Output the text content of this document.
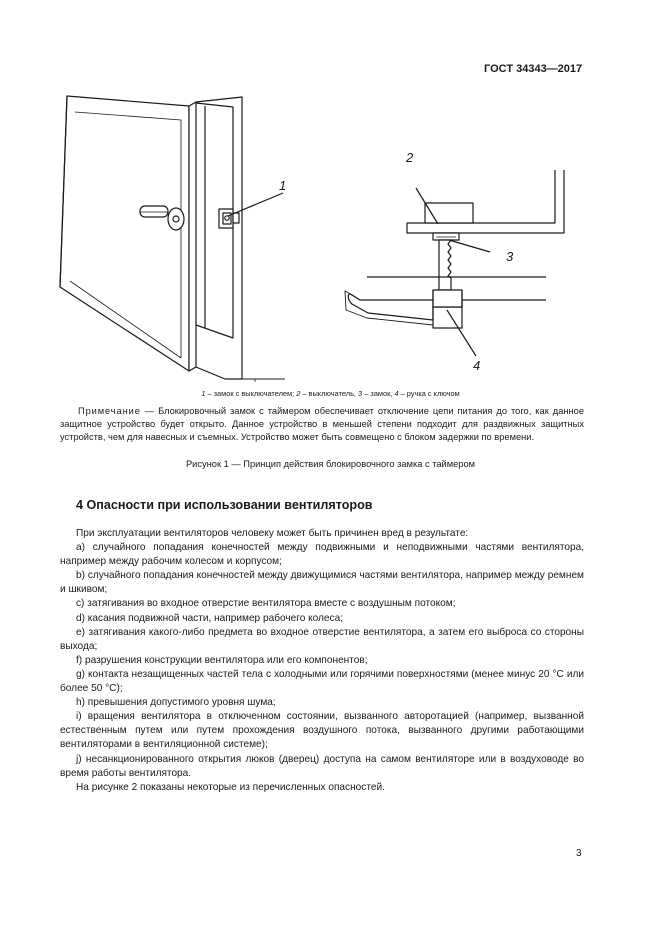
ГОСТ 34343—2017
1
2
3
4
1 – замок с выключателем; 2 – выключатель, 3 – замок, 4 – ручка с ключом
Примечание — Блокировочный замок с таймером обеспечивает отключение цепи питания до того, как данное защитное устройство будет открыто. Данное устройство в меньшей степени подходит для раздвижных защитных устройств, чем для навесных и съемных. Устройство может быть совмещено с блоком задержки по времени.
Рисунок 1 — Принцип действия блокировочного замка с таймером
4 Опасности при использовании вентиляторов

При эксплуатации вентиляторов человеку может быть причинен вред в результате:

a) случайного попадания конечностей между подвижными и неподвижными частями вентилятора, например между рабочим колесом и корпусом;

b) случайного попадания конечностей между движущимися частями вентилятора, например между ремнем и шкивом;

c) затягивания во входное отверстие вентилятора вместе с воздушным потоком;

d) касания подвижной части, например рабочего колеса;

e) затягивания какого-либо предмета во входное отверстие вентилятора, а затем его выброса со стороны выхода;

f) разрушения конструкции вентилятора или его компонентов;

g) контакта незащищенных частей тела с холодными или горячими поверхностями (менее минус 20 °С или более 50 °С);

h) превышения допустимого уровня шума;

i) вращения вентилятора в отключенном состоянии, вызванного авторотацией (например, вызванной естественным путем или путем прохождения воздушного потока, вызванного другими работающими вентиляторами в вентиляционной системе);

j) несанкционированного открытия люков (дверец) доступа на самом вентиляторе или в воздуховоде во время работы вентилятора.

На рисунке 2 показаны некоторые из перечисленных опасностей.

3
